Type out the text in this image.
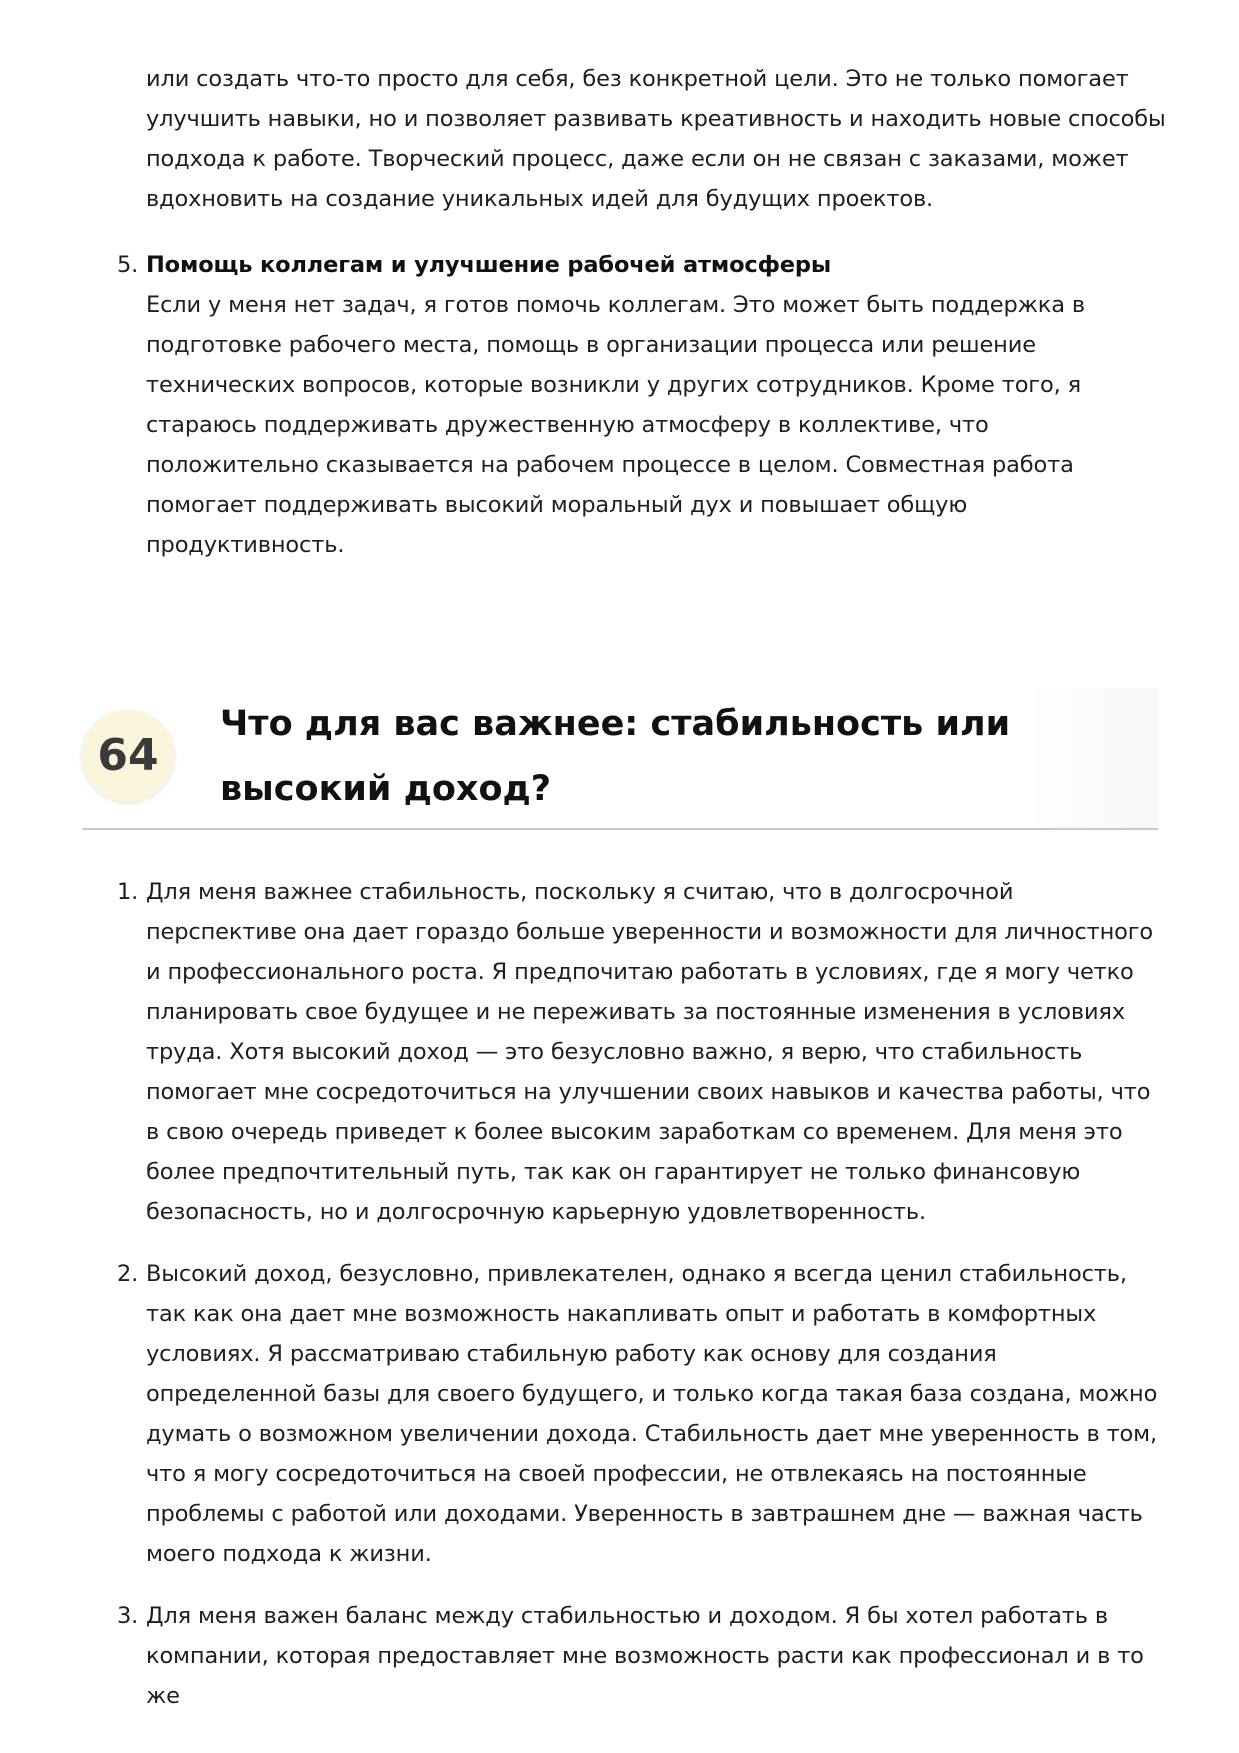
или создать что-то просто для себя, без конкретной цели. Это не только помогает улучшить навыки, но и позволяет развивать креативность и находить новые способы подхода к работе. Творческий процесс, даже если он не связан с заказами, может вдохновить на создание уникальных идей для будущих проектов.
5. Помощь коллегам и улучшение рабочей атмосферы
Если у меня нет задач, я готов помочь коллегам. Это может быть поддержка в подготовке рабочего места, помощь в организации процесса или решение технических вопросов, которые возникли у других сотрудников. Кроме того, я стараюсь поддерживать дружественную атмосферу в коллективе, что положительно сказывается на рабочем процессе в целом. Совместная работа помогает поддерживать высокий моральный дух и повышает общую продуктивность.
64
Что для вас важнее: стабильность или высокий доход?
1. Для меня важнее стабильность, поскольку я считаю, что в долгосрочной перспективе она дает гораздо больше уверенности и возможности для личностного и профессионального роста. Я предпочитаю работать в условиях, где я могу четко планировать свое будущее и не переживать за постоянные изменения в условиях труда. Хотя высокий доход — это безусловно важно, я верю, что стабильность помогает мне сосредоточиться на улучшении своих навыков и качества работы, что в свою очередь приведет к более высоким заработкам со временем. Для меня это более предпочтительный путь, так как он гарантирует не только финансовую безопасность, но и долгосрочную карьерную удовлетворенность.
2. Высокий доход, безусловно, привлекателен, однако я всегда ценил стабильность, так как она дает мне возможность накапливать опыт и работать в комфортных условиях. Я рассматриваю стабильную работу как основу для создания определенной базы для своего будущего, и только когда такая база создана, можно думать о возможном увеличении дохода. Стабильность дает мне уверенность в том, что я могу сосредоточиться на своей профессии, не отвлекаясь на постоянные проблемы с работой или доходами. Уверенность в завтрашнем дне — важная часть моего подхода к жизни.
3. Для меня важен баланс между стабильностью и доходом. Я бы хотел работать в компании, которая предоставляет мне возможность расти как профессионал и в то же
